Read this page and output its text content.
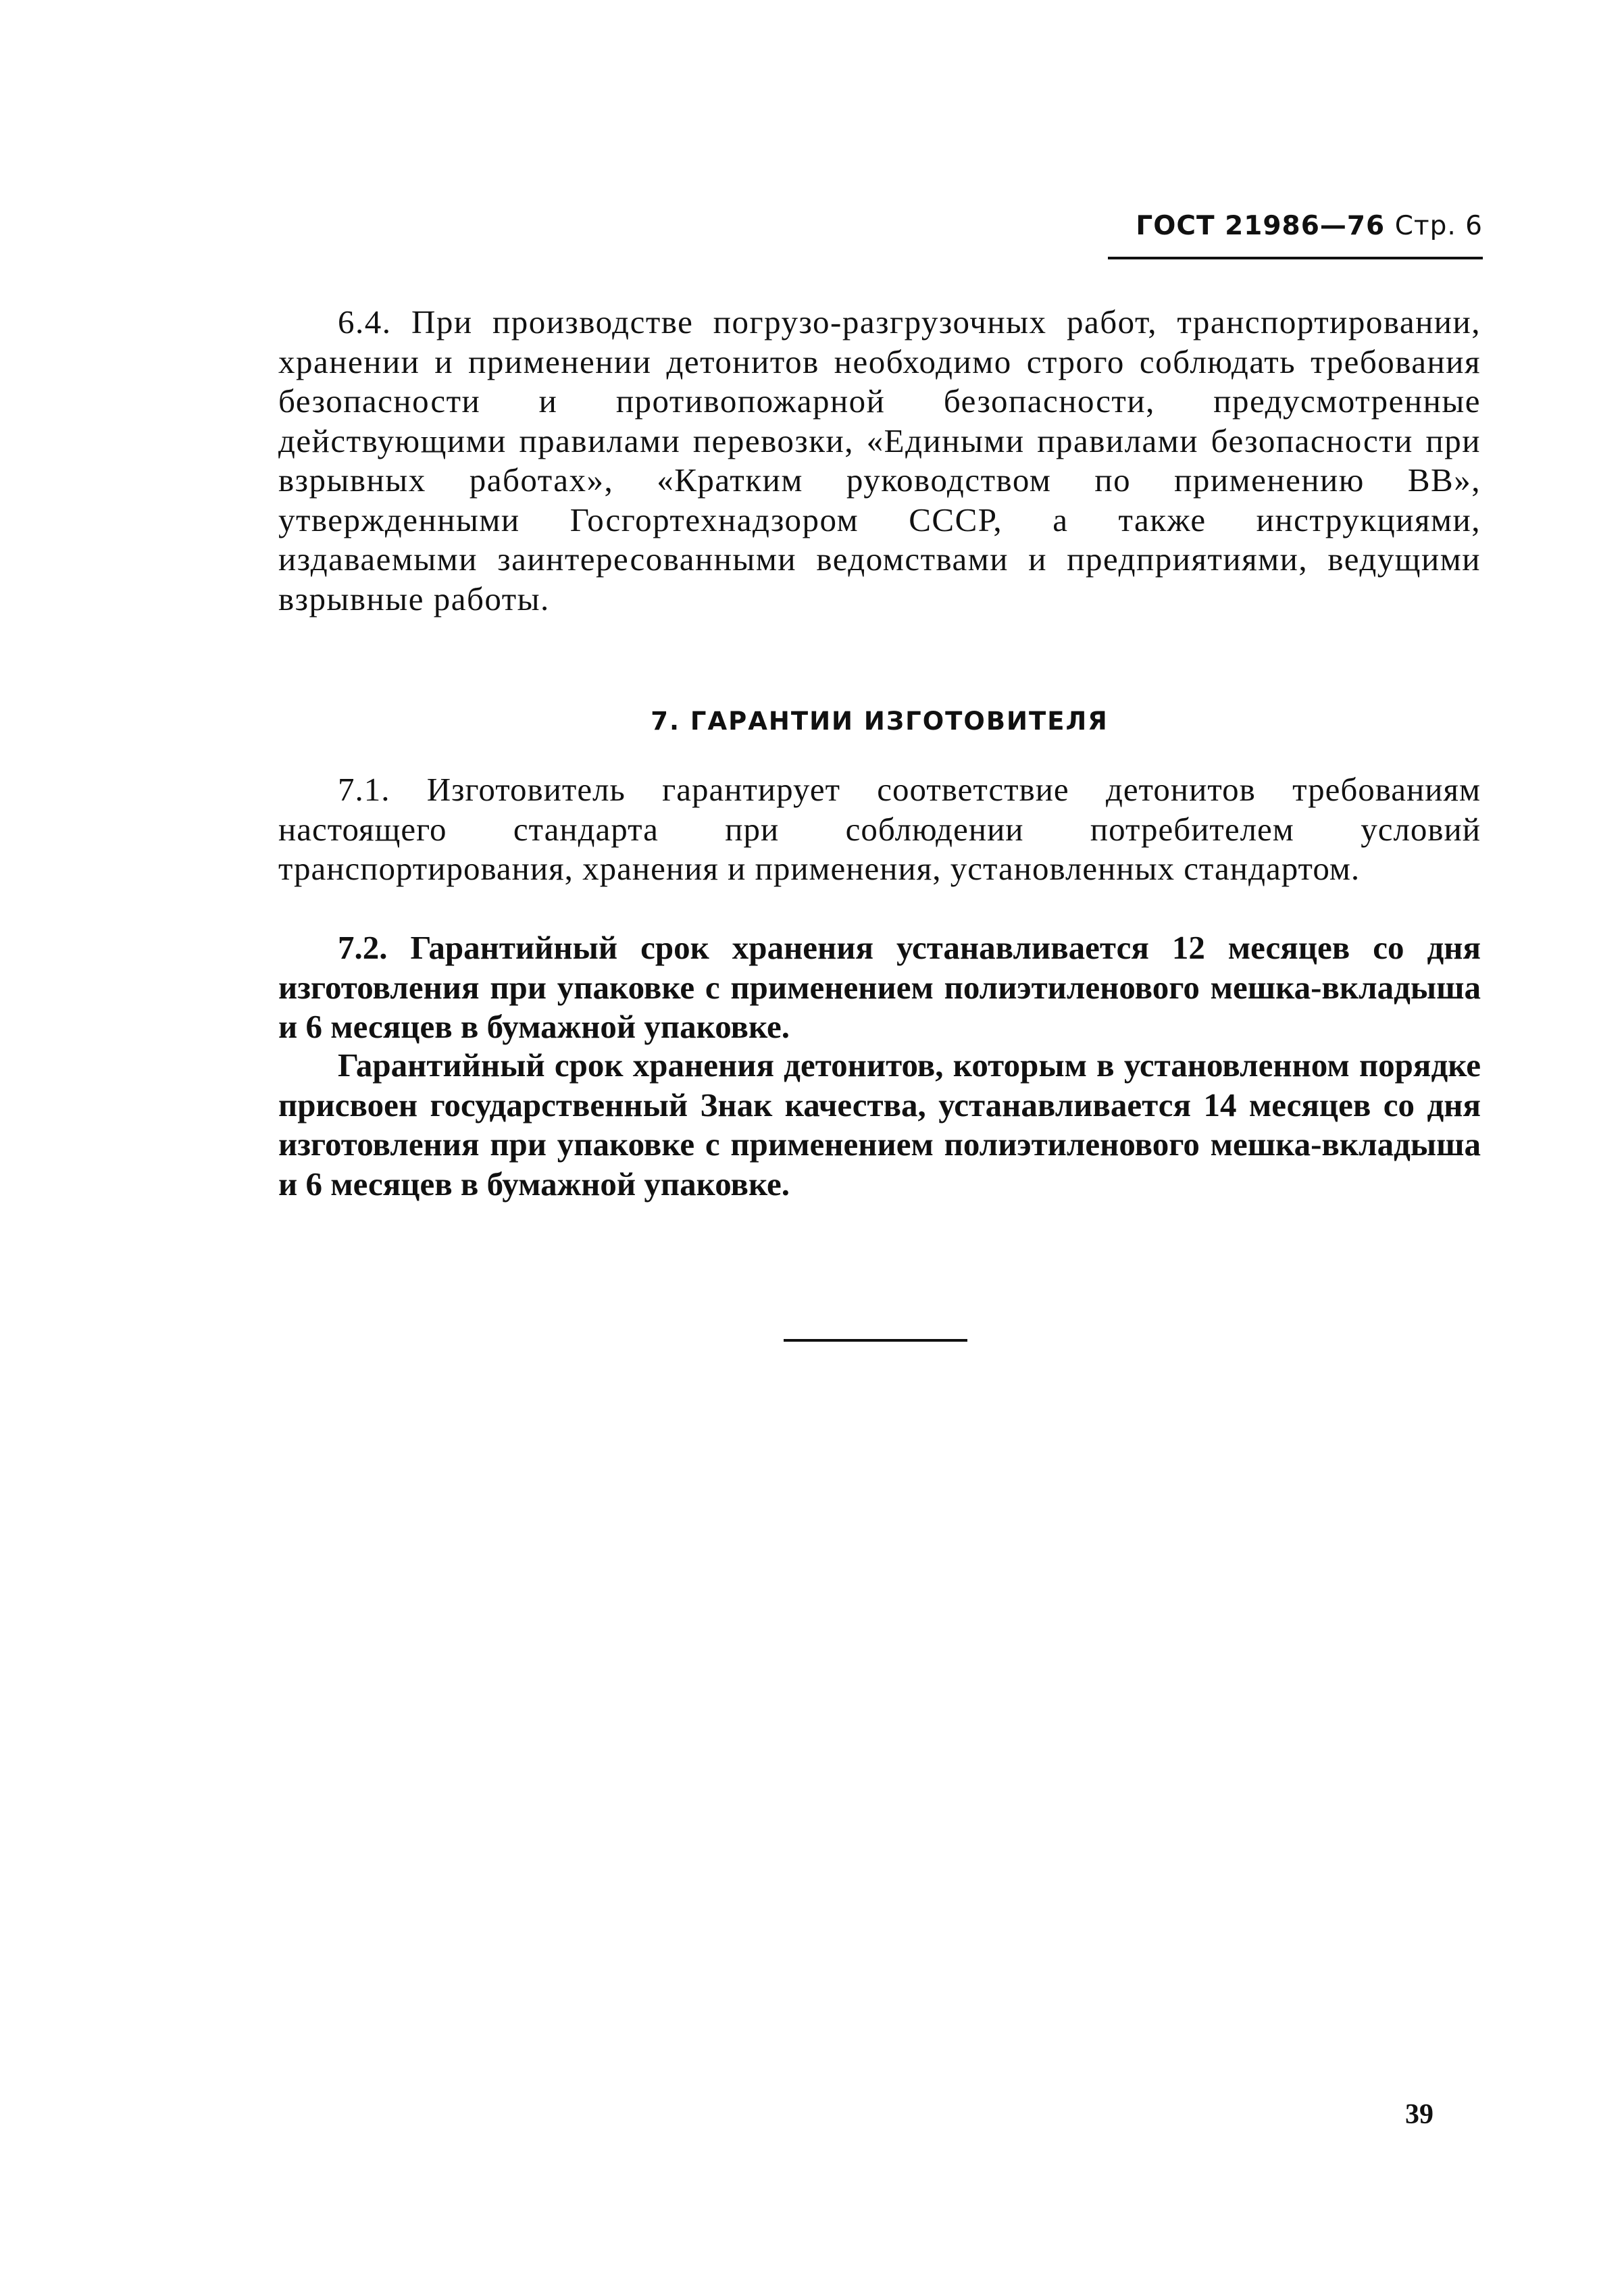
ГОСТ 21986—76 Стр. 6

6.4. При производстве погрузо-разгрузочных работ, транспортировании, хранении и применении детонитов необходимо строго соблюдать требования безопасности и противопожарной безопасности, предусмотренные действующими правилами перевозки, «Едиными правилами безопасности при взрывных работах», «Кратким руководством по применению ВВ», утвержденными Госгортехнадзором СССР, а также инструкциями, издаваемыми заинтересованными ведомствами и предприятиями, ведущими взрывные работы.

7. ГАРАНТИИ ИЗГОТОВИТЕЛЯ

7.1. Изготовитель гарантирует соответствие детонитов требованиям настоящего стандарта при соблюдении потребителем условий транспортирования, хранения и применения, установленных стандартом.

7.2. Гарантийный срок хранения устанавливается 12 месяцев со дня изготовления при упаковке с применением полиэтиленового мешка-вкладыша и 6 месяцев в бумажной упаковке.

Гарантийный срок хранения детонитов, которым в установленном порядке присвоен государственный Знак качества, устанавливается 14 месяцев со дня изготовления при упаковке с применением полиэтиленового мешка-вкладыша и 6 месяцев в бумажной упаковке.

39
